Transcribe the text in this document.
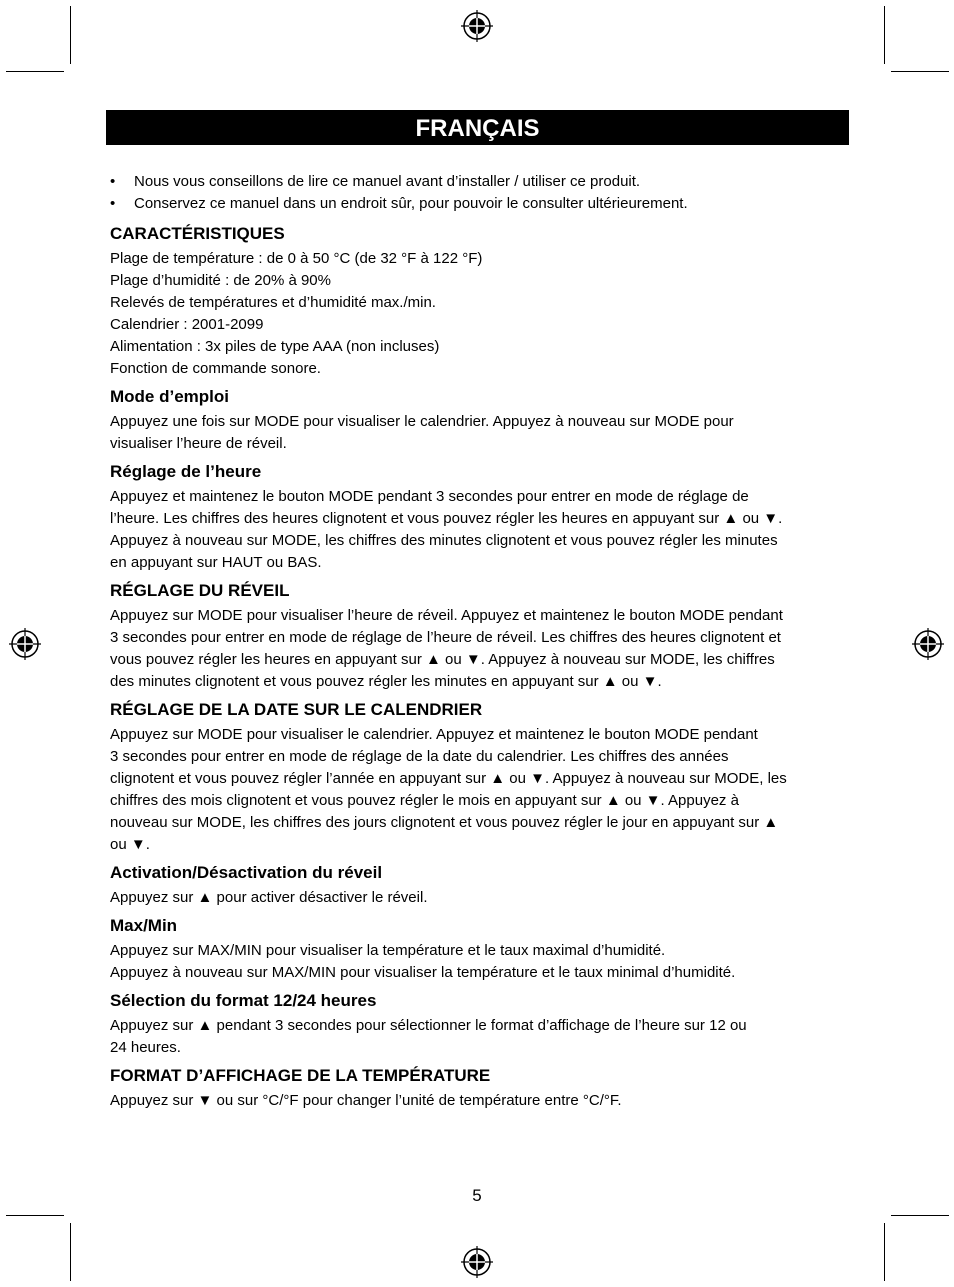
FRANÇAIS
• Nous vous conseillons de lire ce manuel avant d’installer / utiliser ce produit.
• Conservez ce manuel dans un endroit sûr, pour pouvoir le consulter ultérieurement.
CARACTÉRISTIQUES

Plage de température : de 0 à 50 °C (de 32 °F à 122 °F)

Plage d’humidité : de 20% à 90%

Relevés de températures et d’humidité max./min.

Calendrier : 2001-2099

Alimentation : 3x piles de type AAA (non incluses)

Fonction de commande sonore.

Mode d’emploi

Appuyez une fois sur MODE pour visualiser le calendrier. Appuyez à nouveau sur MODE pour

visualiser l’heure de réveil.

Réglage de l’heure

Appuyez et maintenez le bouton MODE pendant 3 secondes pour entrer en mode de réglage de

l’heure. Les chiffres des heures clignotent et vous pouvez régler les heures en appuyant sur ▲ ou ▼.

Appuyez à nouveau sur MODE, les chiffres des minutes clignotent et vous pouvez régler les minutes

en appuyant sur HAUT ou BAS.

RÉGLAGE DU RÉVEIL

Appuyez sur MODE pour visualiser l’heure de réveil. Appuyez et maintenez le bouton MODE pendant

3 secondes pour entrer en mode de réglage de l’heure de réveil. Les chiffres des heures clignotent et

vous pouvez régler les heures en appuyant sur ▲ ou ▼. Appuyez à nouveau sur MODE, les chiffres

des minutes clignotent et vous pouvez régler les minutes en appuyant sur ▲ ou ▼.

RÉGLAGE DE LA DATE SUR LE CALENDRIER

Appuyez sur MODE pour visualiser le calendrier. Appuyez et maintenez le bouton MODE pendant

3 secondes pour entrer en mode de réglage de la date du calendrier. Les chiffres des années

clignotent et vous pouvez régler l’année en appuyant sur ▲ ou ▼. Appuyez à nouveau sur MODE, les

chiffres des mois clignotent et vous pouvez régler le mois en appuyant sur ▲ ou ▼. Appuyez à

nouveau sur MODE, les chiffres des jours clignotent et vous pouvez régler le jour en appuyant sur ▲

ou ▼.

Activation/Désactivation du réveil

Appuyez sur ▲ pour activer désactiver le réveil.

Max/Min

Appuyez sur MAX/MIN pour visualiser la température et le taux maximal d’humidité.

Appuyez à nouveau sur MAX/MIN pour visualiser la température et le taux minimal d’humidité.

Sélection du format 12/24 heures

Appuyez sur ▲ pendant 3 secondes pour sélectionner le format d’affichage de l’heure sur 12 ou

24 heures.

FORMAT D’AFFICHAGE DE LA TEMPÉRATURE

Appuyez sur ▼ ou sur °C/°F pour changer l’unité de température entre °C/°F.

5
